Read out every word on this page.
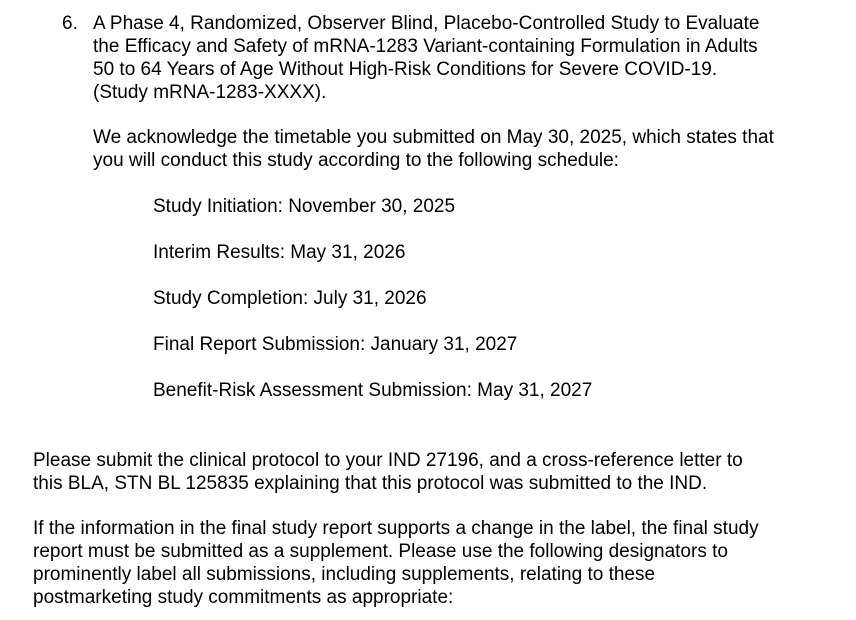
6. A Phase 4, Randomized, Observer Blind, Placebo-Controlled Study to Evaluate
the Efficacy and Safety of mRNA-1283 Variant-containing Formulation in Adults
50 to 64 Years of Age Without High-Risk Conditions for Severe COVID-19.
(Study mRNA-1283-XXXX).
We acknowledge the timetable you submitted on May 30, 2025, which states that
you will conduct this study according to the following schedule:
Study Initiation: November 30, 2025
Interim Results: May 31, 2026
Study Completion: July 31, 2026
Final Report Submission: January 31, 2027
Benefit-Risk Assessment Submission: May 31, 2027
Please submit the clinical protocol to your IND 27196, and a cross-reference letter to
this BLA, STN BL 125835 explaining that this protocol was submitted to the IND.
If the information in the final study report supports a change in the label, the final study
report must be submitted as a supplement. Please use the following designators to
prominently label all submissions, including supplements, relating to these
postmarketing study commitments as appropriate:
